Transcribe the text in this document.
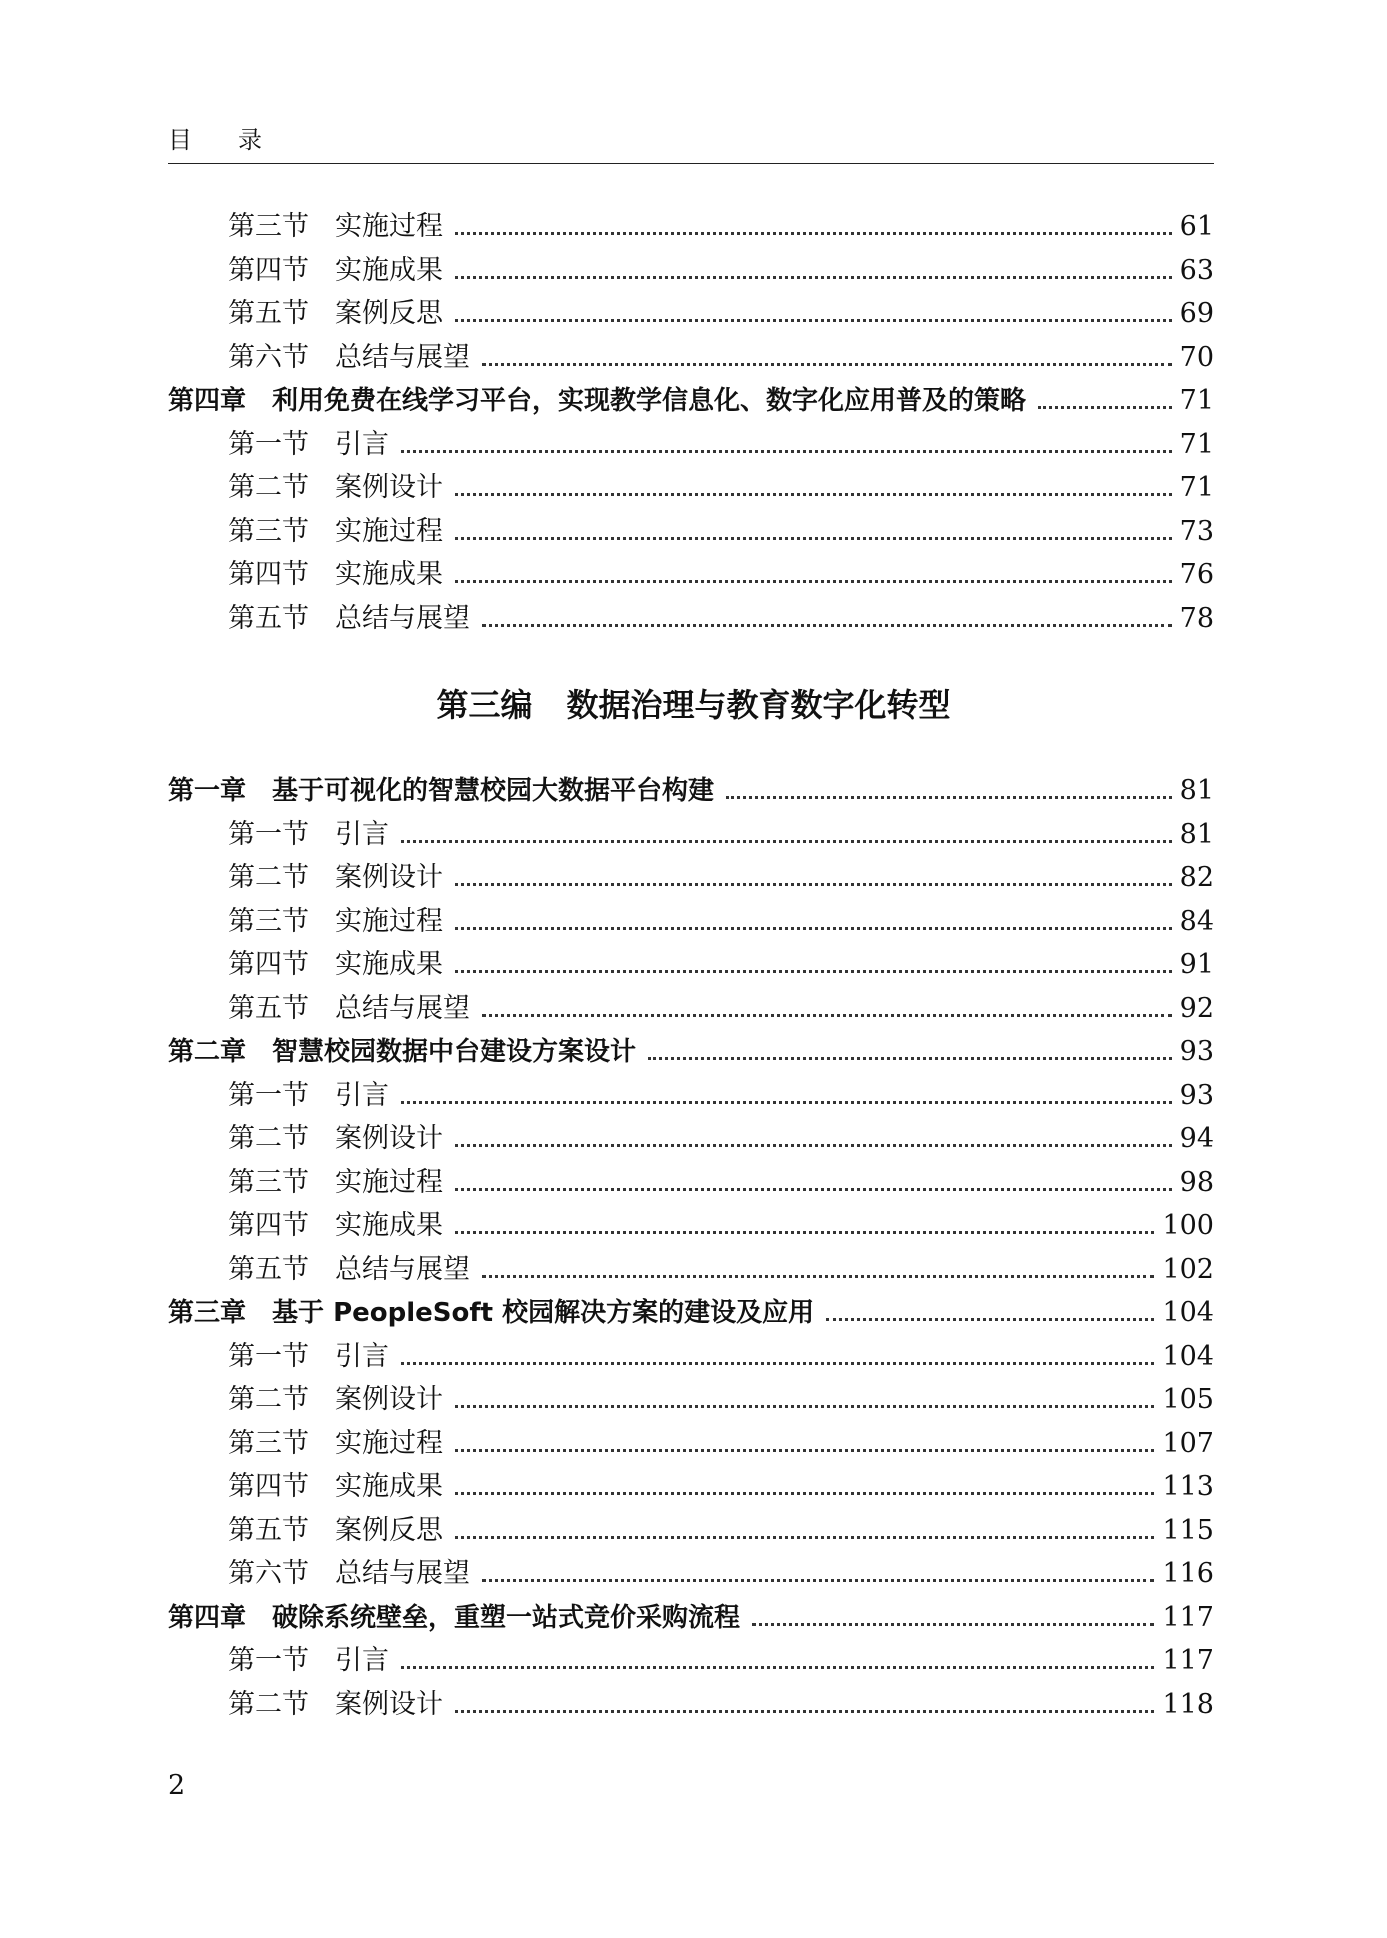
目 录
第三节 实施过程	61
第四节 实施成果	63
第五节 案例反思	69
第六节 总结与展望	70
第四章 利用免费在线学习平台，实现教学信息化、数字化应用普及的策略	71
第一节 引言	71
第二节 案例设计	71
第三节 实施过程	73
第四节 实施成果	76
第五节 总结与展望	78
第三编 数据治理与教育数字化转型
第一章 基于可视化的智慧校园大数据平台构建	81
第一节 引言	81
第二节 案例设计	82
第三节 实施过程	84
第四节 实施成果	91
第五节 总结与展望	92
第二章 智慧校园数据中台建设方案设计	93
第一节 引言	93
第二节 案例设计	94
第三节 实施过程	98
第四节 实施成果	100
第五节 总结与展望	102
第三章 基于 PeopleSoft 校园解决方案的建设及应用	104
第一节 引言	104
第二节 案例设计	105
第三节 实施过程	107
第四节 实施成果	113
第五节 案例反思	115
第六节 总结与展望	116
第四章 破除系统壁垒，重塑一站式竞价采购流程	117
第一节 引言	117
第二节 案例设计	118
2
